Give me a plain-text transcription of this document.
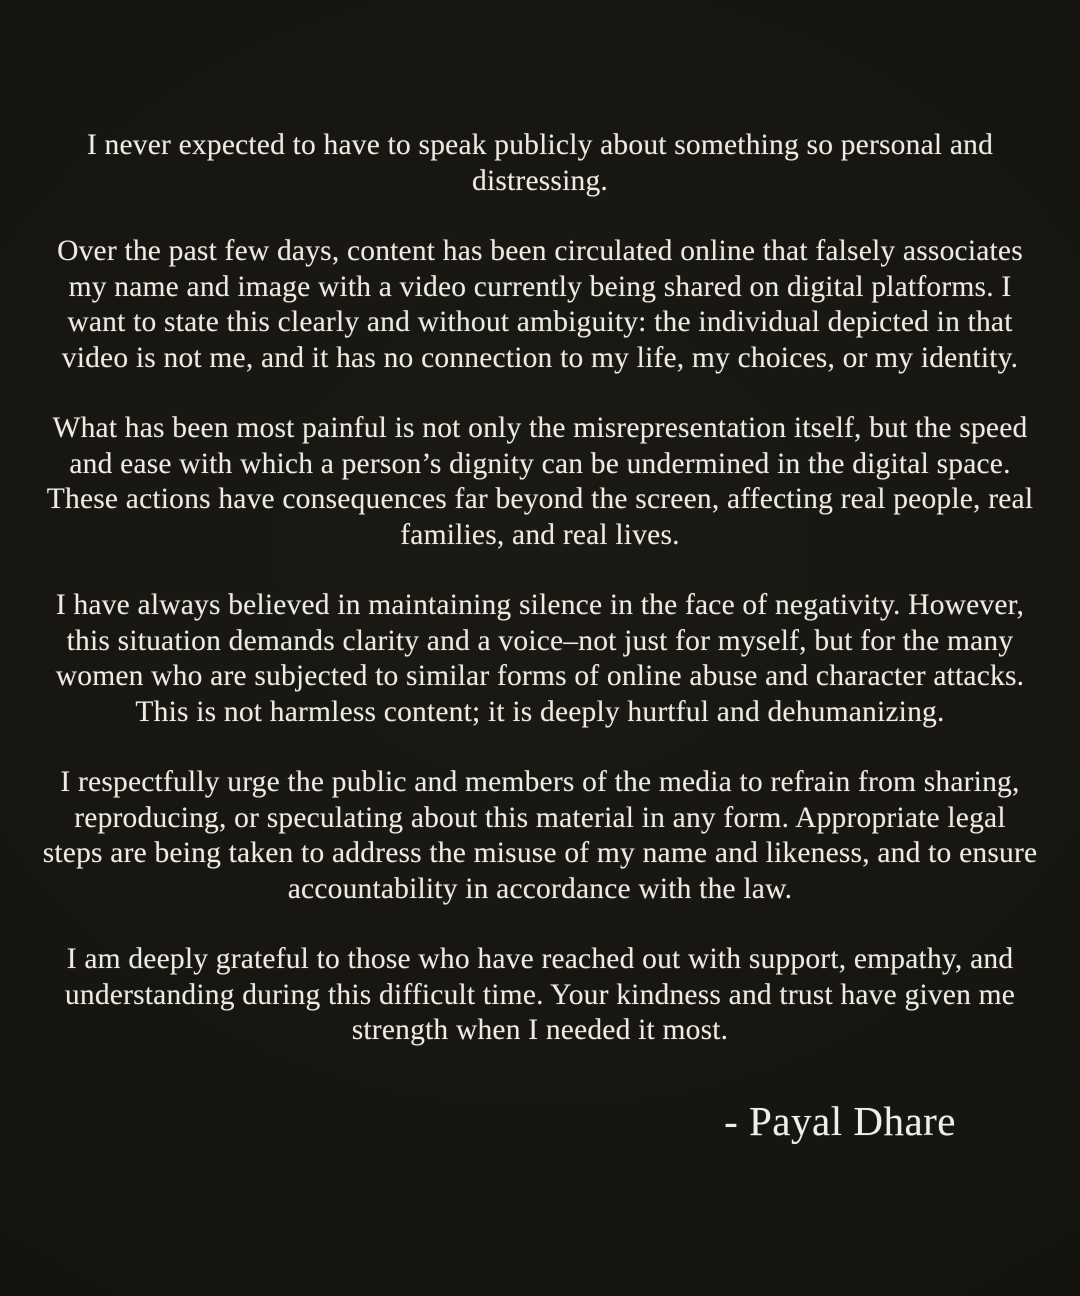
I never expected to have to speak publicly about something so personal and distressing.

Over the past few days, content has been circulated online that falsely associates my name and image with a video currently being shared on digital platforms. I want to state this clearly and without ambiguity: the individual depicted in that video is not me, and it has no connection to my life, my choices, or my identity.

What has been most painful is not only the misrepresentation itself, but the speed and ease with which a person’s dignity can be undermined in the digital space. These actions have consequences far beyond the screen, affecting real people, real families, and real lives.

I have always believed in maintaining silence in the face of negativity. However, this situation demands clarity and a voice–not just for myself, but for the many women who are subjected to similar forms of online abuse and character attacks. This is not harmless content; it is deeply hurtful and dehumanizing.

I respectfully urge the public and members of the media to refrain from sharing, reproducing, or speculating about this material in any form. Appropriate legal steps are being taken to address the misuse of my name and likeness, and to ensure accountability in accordance with the law.

I am deeply grateful to those who have reached out with support, empathy, and understanding during this difficult time. Your kindness and trust have given me strength when I needed it most.

- Payal Dhare
